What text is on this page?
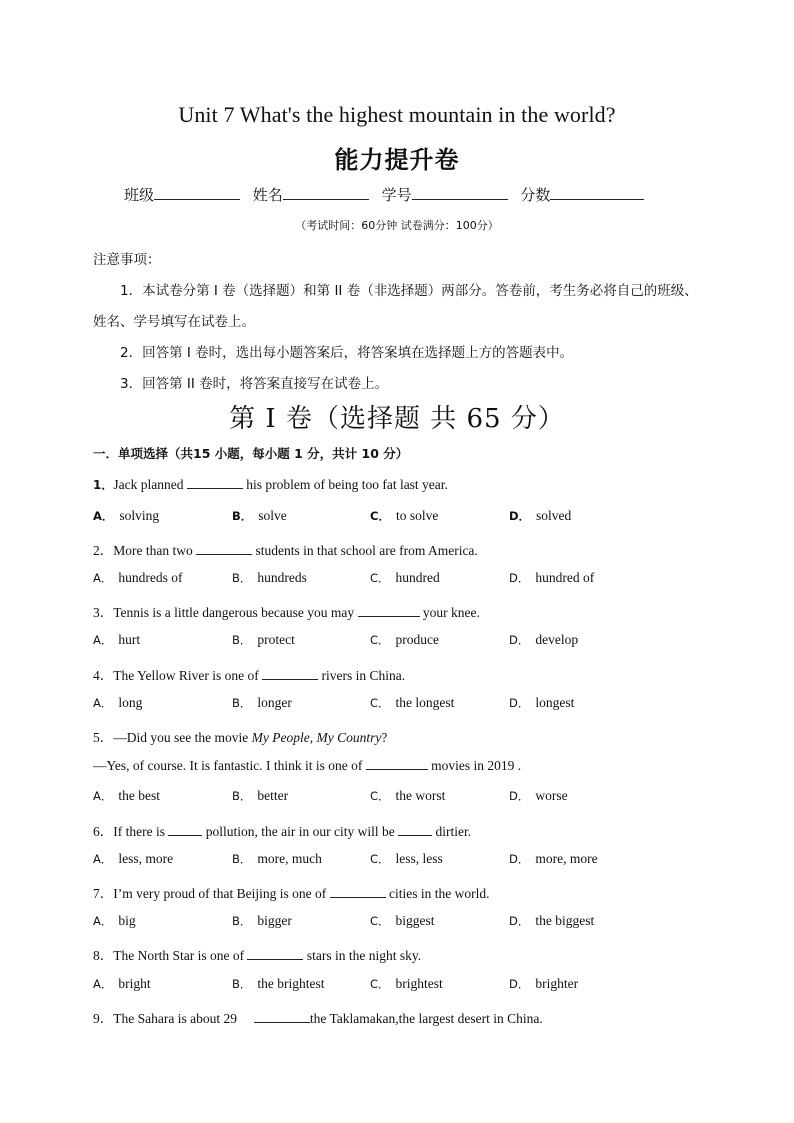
Unit 7 What's the highest mountain in the world?
能力提升卷
班级	姓名	学号	分数
（考试时间：60分钟 试卷满分：100分）
注意事项：
1．本试卷分第 I 卷（选择题）和第 II 卷（非选择题）两部分。答卷前，考生务必将自己的班级、
姓名、学号填写在试卷上。
2．回答第 I 卷时，选出每小题答案后，将答案填在选择题上方的答题表中。
3．回答第 II 卷时，将答案直接写在试卷上。
第 I 卷（选择题 共 65 分）
一．单项选择（共15 小题，每小题 1 分，共计 10 分）
1．Jack planned	his problem of being too fat last year.
A． solving	B． solve	C． to solve	D． solved
2．More than two	students in that school are from America.
A． hundreds of	B． hundreds	C． hundred	D． hundred of
3．Tennis is a little dangerous because you may	your knee.
A． hurt	B． protect	C． produce	D． develop
4．The Yellow River is one of	rivers in China.
A． long	B． longer	C． the longest	D． longest
5．—Did you see the movie My People, My Country?
—Yes, of course. It is fantastic. I think it is one of	movies in 2019 .
A． the best	B． better	C． the worst	D． worse
6．If there is	pollution, the air in our city will be	dirtier.
A． less, more	B． more, much	C． less, less	D． more, more
7．I’m very proud of that Beijing is one of	cities in the world.
A． big	B． bigger	C． biggest	D． the biggest
8．The North Star is one of	stars in the night sky.
A． bright	B． the brightest	C． brightest	D． brighter
9．The Sahara is about 29	the Taklamakan,the largest desert in China.
